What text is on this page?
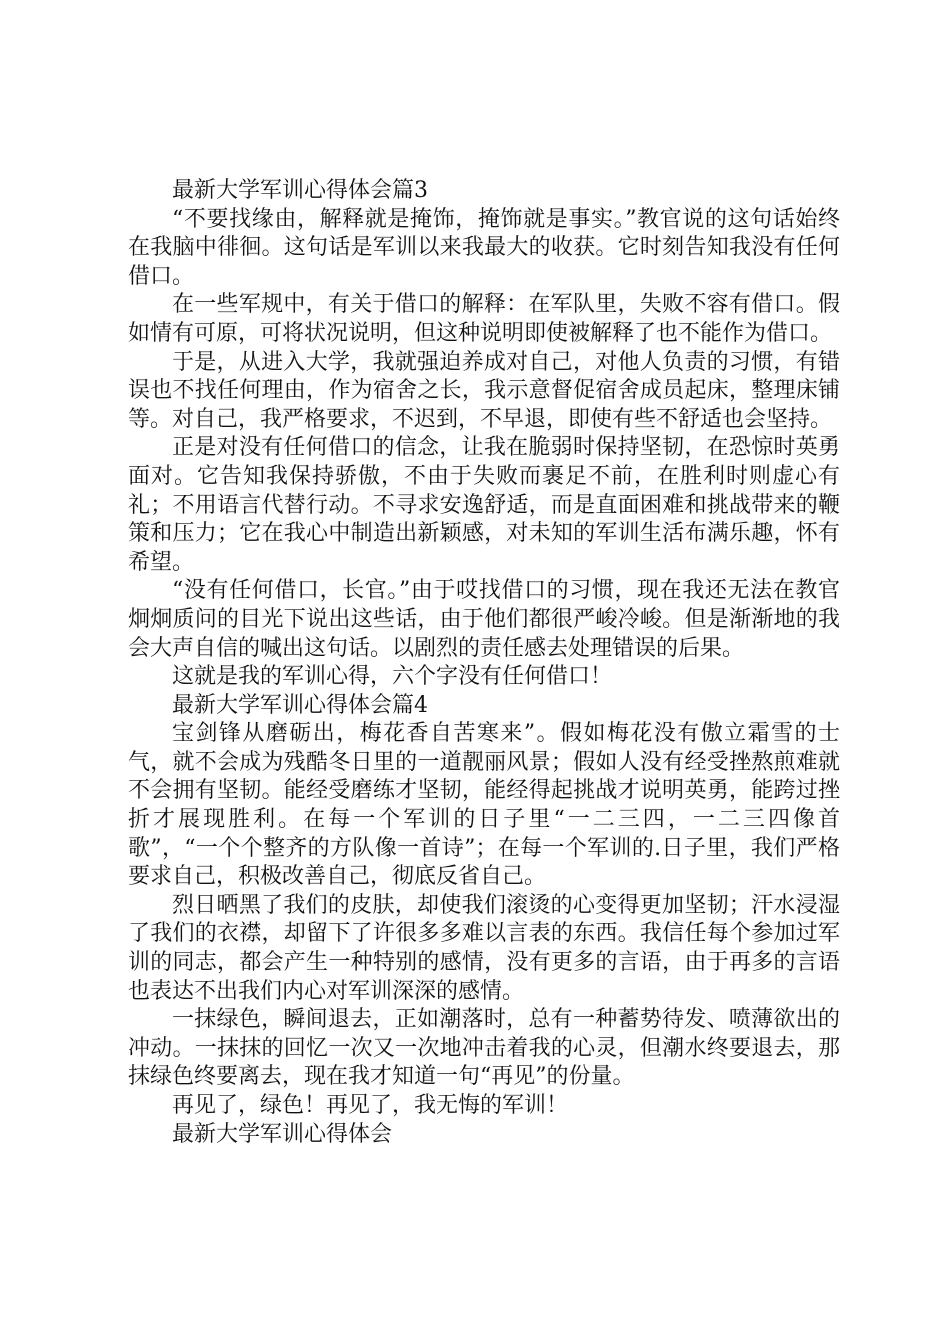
最新大学军训心得体会篇3

“不要找缘由，解释就是掩饰，掩饰就是事实。”教官说的这句话始终在我脑中徘徊。这句话是军训以来我最大的收获。它时刻告知我没有任何借口。

在一些军规中，有关于借口的解释：在军队里，失败不容有借口。假如情有可原，可将状况说明，但这种说明即使被解释了也不能作为借口。

于是，从进入大学，我就强迫养成对自己，对他人负责的习惯，有错误也不找任何理由，作为宿舍之长，我示意督促宿舍成员起床，整理床铺等。对自己，我严格要求，不迟到，不早退，即使有些不舒适也会坚持。

正是对没有任何借口的信念，让我在脆弱时保持坚韧，在恐惊时英勇面对。它告知我保持骄傲，不由于失败而裹足不前，在胜利时则虚心有礼；不用语言代替行动。不寻求安逸舒适，而是直面困难和挑战带来的鞭策和压力；它在我心中制造出新颖感，对未知的军训生活布满乐趣，怀有希望。

“没有任何借口，长官。”由于哎找借口的习惯，现在我还无法在教官炯炯质问的目光下说出这些话，由于他们都很严峻冷峻。但是渐渐地的我会大声自信的喊出这句话。以剧烈的责任感去处理错误的后果。

这就是我的军训心得，六个字没有任何借口！

最新大学军训心得体会篇4

宝剑锋从磨砺出，梅花香自苦寒来”。假如梅花没有傲立霜雪的士气，就不会成为残酷冬日里的一道靓丽风景；假如人没有经受挫熬煎难就不会拥有坚韧。能经受磨练才坚韧，能经得起挑战才说明英勇，能跨过挫折才展现胜利。在每一个军训的日子里“一二三四，一二三四像首歌”，“一个个整齐的方队像一首诗”；在每一个军训的.日子里，我们严格要求自己，积极改善自己，彻底反省自己。

烈日晒黑了我们的皮肤，却使我们滚烫的心变得更加坚韧；汗水浸湿了我们的衣襟，却留下了许很多多难以言表的东西。我信任每个参加过军训的同志，都会产生一种特别的感情，没有更多的言语，由于再多的言语也表达不出我们内心对军训深深的感情。

一抹绿色，瞬间退去，正如潮落时，总有一种蓄势待发、喷薄欲出的冲动。一抹抹的回忆一次又一次地冲击着我的心灵，但潮水终要退去，那抹绿色终要离去，现在我才知道一句“再见”的份量。

再见了，绿色！再见了，我无悔的军训！

最新大学军训心得体会
